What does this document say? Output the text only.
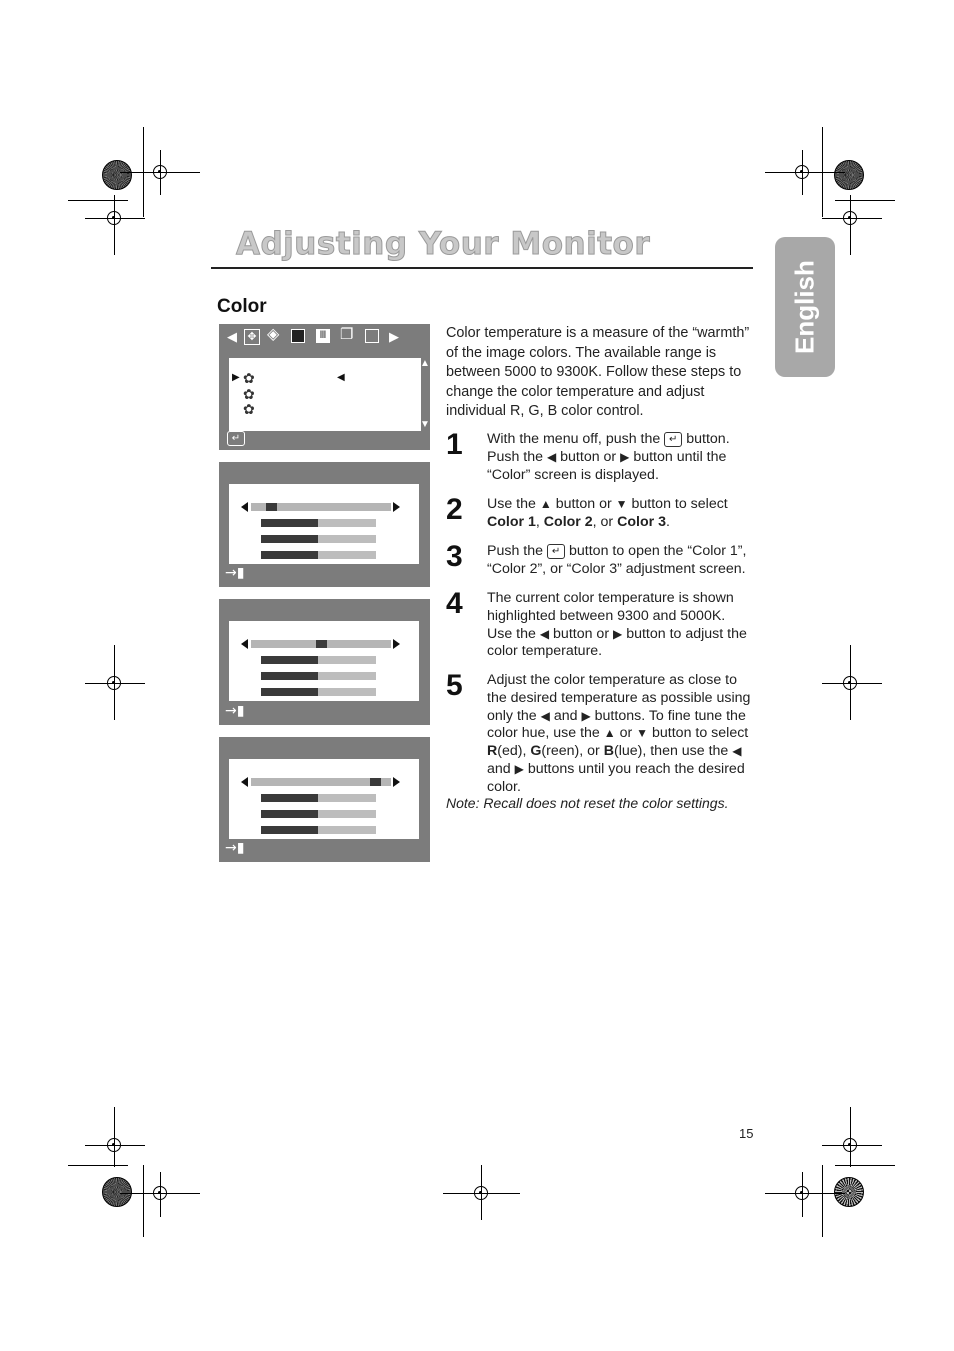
Adjusting Your Monitor
English
Color
◀ ✥ ◈	Ⅲ ❐	▶
▶ ✿	◀
✿
✿
▲
▼
↵
→▮
→▮
→▮

Color temperature is a measure of the “warmth” of the image colors. The available range is between 5000 to 9300K. Follow these steps to change the color temperature and adjust individual R, G, B color control.

1 With the menu off, push the ↵ button. Push the ◀ button or ▶ button until the “Color” screen is displayed.

2 Use the ▲ button or ▼ button to select Color 1, Color 2, or Color 3.

3 Push the ↵ button to open the “Color 1”, “Color 2”, or “Color 3” adjustment screen.

4 The current color temperature is shown highlighted between 9300 and 5000K. Use the ◀ button or ▶ button to adjust the color temperature.

5 Adjust the color temperature as close to the desired temperature as possible using only the ◀ and ▶ buttons. To fine tune the color hue, use the ▲ or ▼ button to select R(ed), G(reen), or B(lue), then use the ◀ and ▶ buttons until you reach the desired color.

Note: Recall does not reset the color settings.

15
